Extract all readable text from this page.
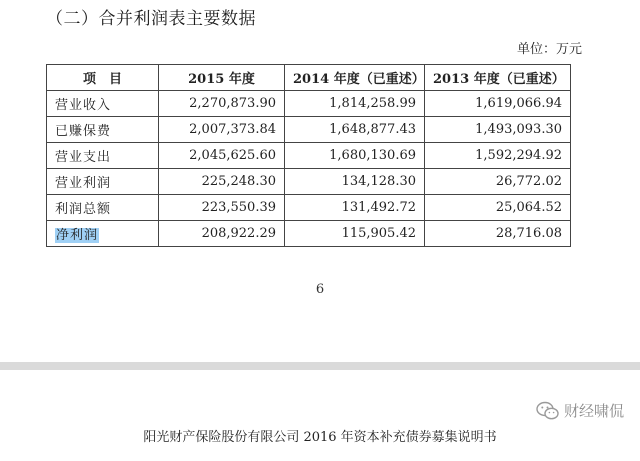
（二）合并利润表主要数据
单位：万元
项　目	2015 年度	2014 年度（已重述）	2013 年度（已重述）
营业收入	2,270,873.90	1,814,258.99	1,619,066.94
已赚保费	2,007,373.84	1,648,877.43	1,493,093.30
营业支出	2,045,625.60	1,680,130.69	1,592,294.92
营业利润	225,248.30	134,128.30	26,772.02
利润总额	223,550.39	131,492.72	25,064.52
净利润	208,922.29	115,905.42	28,716.08
6
财经啸侃
阳光财产保险股份有限公司 2016 年资本补充债券募集说明书
